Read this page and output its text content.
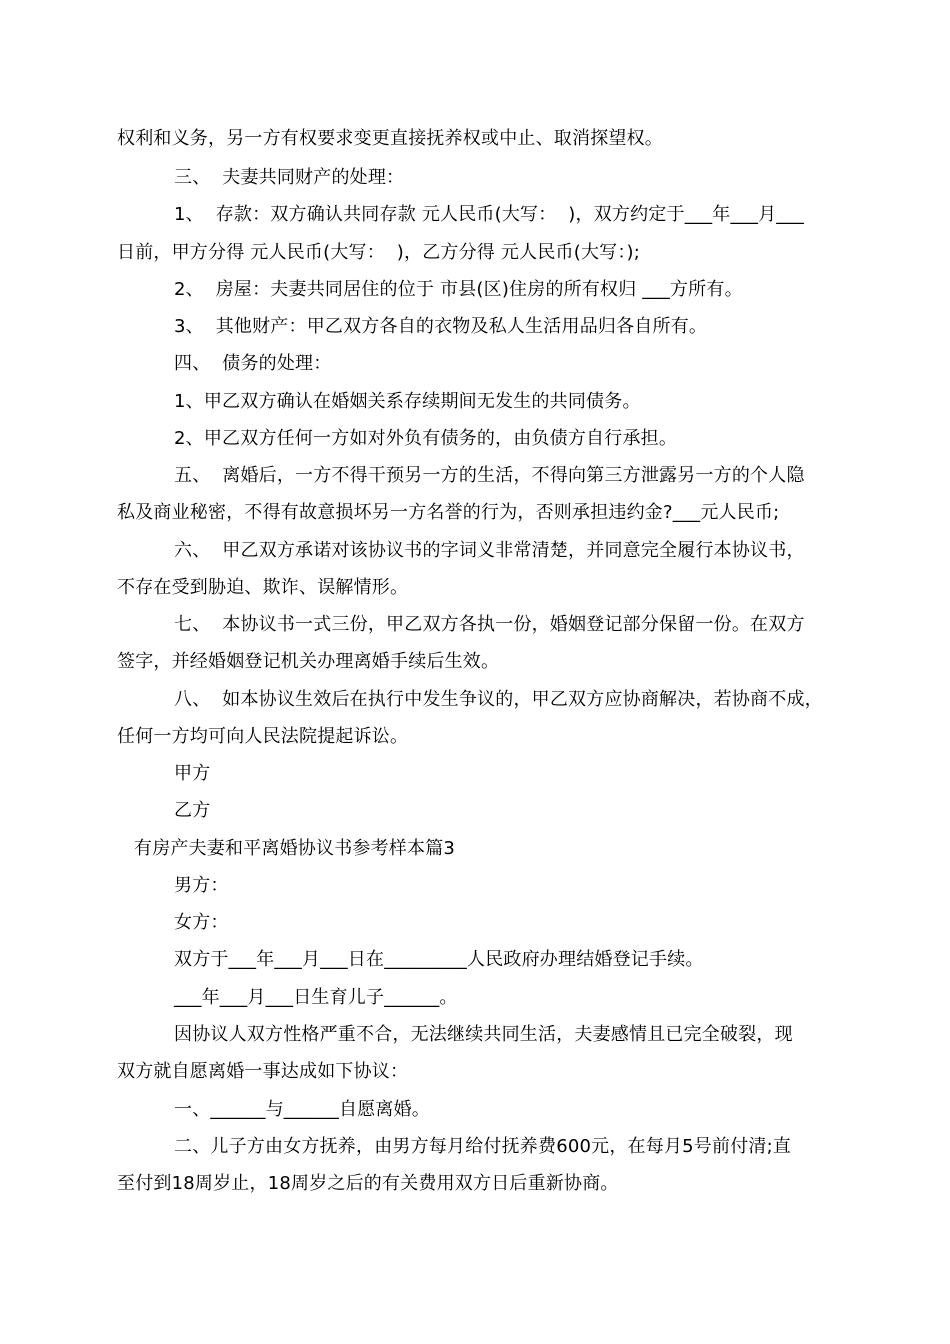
权利和义务，另一方有权要求变更直接抚养权或中止、取消探望权。
三、  夫妻共同财产的处理：
1、  存款：双方确认共同存款 元人民币(大写：  )，双方约定于___年___月___
日前，甲方分得 元人民币(大写：  )，乙方分得 元人民币(大写：);
2、  房屋：夫妻共同居住的位于 市县(区)住房的所有权归 ___方所有。
3、  其他财产：甲乙双方各自的衣物及私人生活用品归各自所有。
四、  债务的处理：
1、甲乙双方确认在婚姻关系存续期间无发生的共同债务。
2、甲乙双方任何一方如对外负有债务的，由负债方自行承担。
五、  离婚后，一方不得干预另一方的生活，不得向第三方泄露另一方的个人隐
私及商业秘密，不得有故意损坏另一方名誉的行为，否则承担违约金?___元人民币;
六、  甲乙双方承诺对该协议书的字词义非常清楚，并同意完全履行本协议书，
不存在受到胁迫、欺诈、误解情形。
七、  本协议书一式三份，甲乙双方各执一份，婚姻登记部分保留一份。在双方
签字，并经婚姻登记机关办理离婚手续后生效。
八、  如本协议生效后在执行中发生争议的，甲乙双方应协商解决，若协商不成，
任何一方均可向人民法院提起诉讼。
甲方
乙方
有房产夫妻和平离婚协议书参考样本篇3
男方：
女方：
双方于___年___月___日在_________人民政府办理结婚登记手续。
___年___月___日生育儿子______。
因协议人双方性格严重不合，无法继续共同生活，夫妻感情且已完全破裂，现
双方就自愿离婚一事达成如下协议：
一、______与______自愿离婚。
二、儿子方由女方抚养，由男方每月给付抚养费600元，在每月5号前付清;直
至付到18周岁止，18周岁之后的有关费用双方日后重新协商。
